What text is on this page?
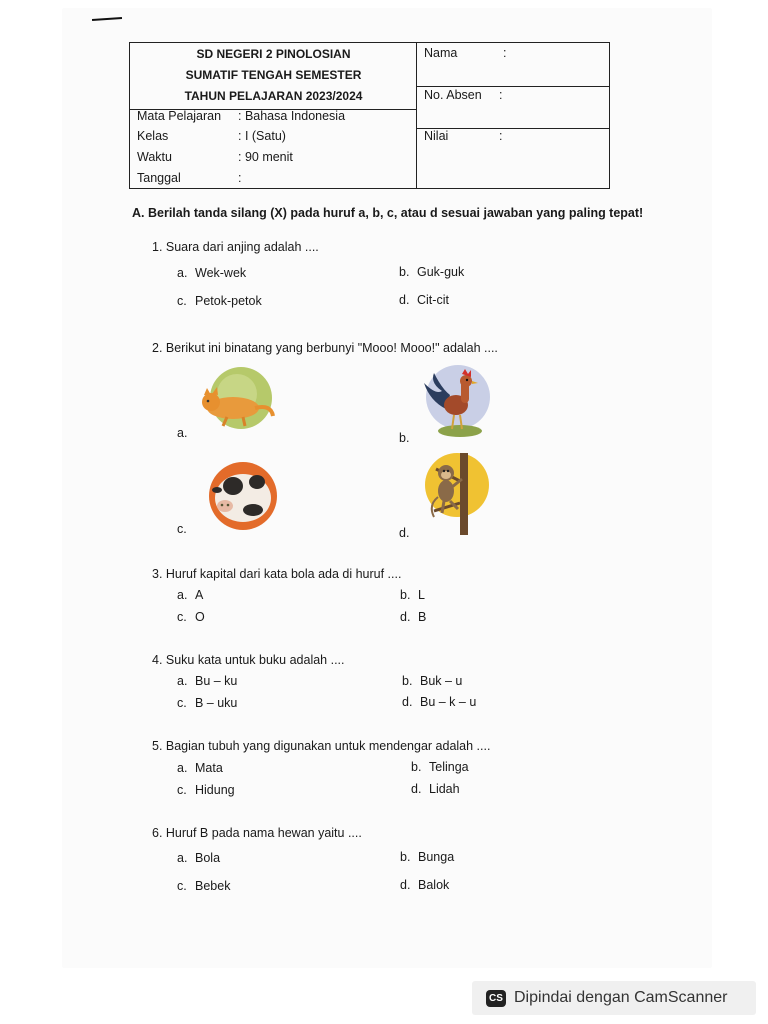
SD NEGERI 2 PINOLOSIAN
SUMATIF TENGAH SEMESTER
TAHUN PELAJARAN 2023/2024
Mata Pelajaran : Bahasa Indonesia
Kelas	: I (Satu)
Waktu	: 90 menit
Tanggal	:
Nama	:
No. Absen :
Nilai	:
A. Berilah tanda silang (X) pada huruf a, b, c, atau d sesuai jawaban yang paling tepat!
1. Suara dari anjing adalah ....
a. Wek-wek	b. Guk-guk
c. Petok-petok	d. Cit-cit
2. Berikut ini binatang yang berbunyi "Mooo! Mooo!" adalah ....
a.	b.
c.	d.
3. Huruf kapital dari kata bola ada di huruf ....
a. A	b. L
c. O	d. B
4. Suku kata untuk buku adalah ....
a. Bu – ku	b. Buk – u
c. B – uku	d. Bu – k – u
5. Bagian tubuh yang digunakan untuk mendengar adalah ....
a. Mata	b. Telinga
c. Hidung	d. Lidah
6. Huruf B pada nama hewan yaitu ....
a. Bola	b. Bunga
c. Bebek	d. Balok
CS Dipindai dengan CamScanner
